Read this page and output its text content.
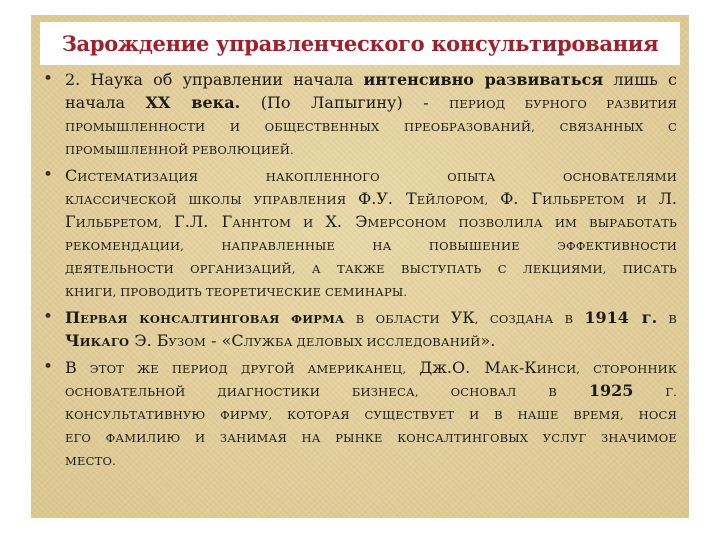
Зарождение управленческого консультирования
• 2. Наука об управлении начала интенсивно развиваться лишь с
начала ХХ века. (По Лапыгину) - ПЕРИОД БУРНОГО РАЗВИТИЯ
ПРОМЫШЛЕННОСТИ И ОБЩЕСТВЕННЫХ ПРЕОБРАЗОВАНИЙ, СВЯЗАННЫХ С
ПРОМЫШЛЕННОЙ РЕВОЛЮЦИЕЙ.
• СИСТЕМАТИЗАЦИЯ НАКОПЛЕННОГО ОПЫТА ОСНОВАТЕЛЯМИ
КЛАССИЧЕСКОЙ ШКОЛЫ УПРАВЛЕНИЯ Ф.У. ТЕЙЛОРОМ, Ф. ГИЛЬБРЕТОМ И Л.
ГИЛЬБРЕТОМ, Г.Л. ГАННТОМ И Х. ЭМЕРСОНОМ ПОЗВОЛИЛА ИМ ВЫРАБОТАТЬ
РЕКОМЕНДАЦИИ, НАПРАВЛЕННЫЕ НА ПОВЫШЕНИЕ ЭФФЕКТИВНОСТИ
ДЕЯТЕЛЬНОСТИ ОРГАНИЗАЦИЙ, А ТАКЖЕ ВЫСТУПАТЬ С ЛЕКЦИЯМИ, ПИСАТЬ
КНИГИ, ПРОВОДИТЬ ТЕОРЕТИЧЕСКИЕ СЕМИНАРЫ.
• ПЕРВАЯ КОНСАЛТИНГОВАЯ ФИРМА В ОБЛАСТИ УК, СОЗДАНА В 1914 г. В
ЧИКАГО Э. БУЗОМ - «СЛУЖБА ДЕЛОВЫХ ИССЛЕДОВАНИЙ».
• В ЭТОТ ЖЕ ПЕРИОД ДРУГОЙ АМЕРИКАНЕЦ, Дж.О. МАК-КИНСИ, СТОРОННИК
ОСНОВАТЕЛЬНОЙ ДИАГНОСТИКИ БИЗНЕСА, ОСНОВАЛ В 1925 Г.
КОНСУЛЬТАТИВНУЮ ФИРМУ, КОТОРАЯ СУЩЕСТВУЕТ И В НАШЕ ВРЕМЯ, НОСЯ
ЕГО ФАМИЛИЮ И ЗАНИМАЯ НА РЫНКЕ КОНСАЛТИНГОВЫХ УСЛУГ ЗНАЧИМОЕ
МЕСТО.
